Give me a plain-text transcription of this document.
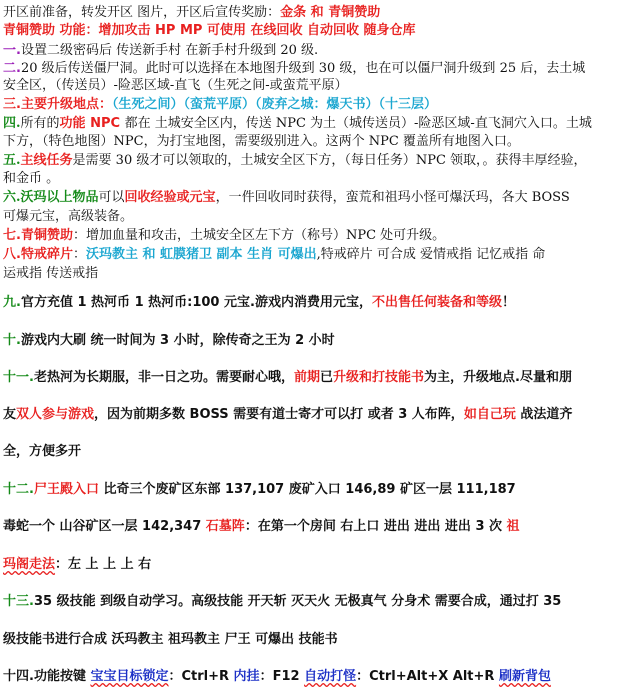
开区前准备，转发开区 图片，开区后宣传奖励：金条 和 青铜赞助
青铜赞助 功能：增加攻击 HP MP 可使用 在线回收 自动回收 随身仓库
一.设置二级密码后 传送新手村 在新手村升级到 20 级.
二.20 级后传送僵尸洞。此时可以选择在本地图升级到 30 级，也在可以僵尸洞升级到 25 后，去土城
安全区，（传送员）-险恶区域-直飞（生死之间-或蛮荒平原）
三.主要升级地点：（生死之间）（蛮荒平原）（废弃之城：爆天书）（十三层）
四.所有的功能 NPC 都在 土城安全区内，传送 NPC 为土（城传送员）-险恶区域-直飞洞穴入口。土城
下方，（特色地图）NPC，为打宝地图，需要级别进入。这两个 NPC 覆盖所有地图入口。
五.主线任务是需要 30 级才可以领取的，土城安全区下方，（每日任务）NPC 领取，。获得丰厚经验，
和金币 。
六.沃玛以上物品可以回收经验或元宝，一件回收同时获得，蛮荒和祖玛小怪可爆沃玛，各大 BOSS
可爆元宝，高级装备。
七.青铜赞助：增加血量和攻击，土城安全区左下方（称号）NPC 处可升级。
八.特戒碎片：沃玛教主 和 虹膜猪卫 副本 生肖 可爆出,特戒碎片 可合成 爱情戒指 记忆戒指 命
运戒指 传送戒指
九.官方充值 1 热河币 1 热河币:100 元宝.游戏内消费用元宝，不出售任何装备和等级！
十.游戏内大刷 统一时间为 3 小时，除传奇之王为 2 小时
十一.老热河为长期服，非一日之功。需要耐心哦，前期已升级和打技能书为主，升级地点.尽量和朋
友双人参与游戏，因为前期多数 BOSS 需要有道士寄才可以打 或者 3 人布阵，如自己玩 战法道齐
全，方便多开
十二.尸王殿入口 比奇三个废矿区东部 137,107 废矿入口 146,89 矿区一层 111,187
毒蛇一个 山谷矿区一层 142,347 石墓阵：在第一个房间 右上口 进出 进出 进出 3 次 祖
玛阁走法：左 上 上 上 右
十三.35 级技能 到级自动学习。高级技能 开天斩 灭天火 无极真气 分身术 需要合成，通过打 35
级技能书进行合成 沃玛教主 祖玛教主 尸王 可爆出 技能书
十四.功能按键 宝宝目标锁定：Ctrl+R 内挂：F12 自动打怪：Ctrl+Alt+X Alt+R 刷新背包
